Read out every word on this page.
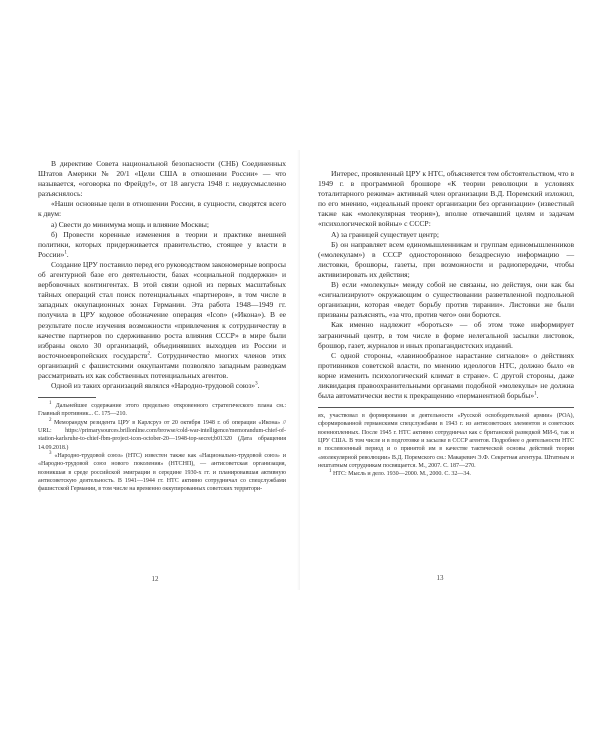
В директиве Совета национальной безопасности (СНБ) Соединенных Штатов Америки № 20/1 «Цели США в отношении России» — что называется, «оговорка по Фрейду!», от 18 августа 1948 г. недвусмысленно разъяснялось:

«Наши основные цели в отношении России, в сущности, сводятся всего к двум:

а) Свести до минимума мощь и влияние Москвы;

б) Провести коренные изменения в теории и практике внешней политики, которых придерживается правительство, стоящее у власти в России»$^1$.

Создание ЦРУ поставило перед его руководством закономерные вопросы об агентурной базе его деятельности, базах «социальной поддержки» и вербовочных контингентах. В этой связи одной из первых масштабных тайных операций стал поиск потенциальных «партнеров», в том числе в западных оккупационных зонах Германии. Эта работа 1948—1949 гг. получила в ЦРУ кодовое обозначение операция «Icon» («Икона»). В ее результате после изучения возможности «привлечения к сотрудничеству в качестве партнеров по сдерживанию роста влияния СССР» в мире были избраны около 30 организаций, объединявших выходцев из России и восточноевропейских государств$^2$. Сотрудничество многих членов этих организаций с фашистскими оккупантами позволяло западным разведкам рассматривать их как собственных потенциальных агентов.

Одной из таких организаций являлся «Народно-трудовой союз»$^3$.

$^1$ Дальнейшее содержание этого предельно откровенного стратегического плана см.: Главный противник... С. 175—210.

$^2$ Меморандум резидента ЦРУ в Карлсруэ от 20 октября 1948 г. об операции «Икона» // URL: https://primarysources.brillonline.com/browse/cold-war-intelligence/memorandum-chief-of-station-karlsruhe-to-chief-fbm-project-icon-october-20—1948-top-secret;b01320 (Дата обращения 14.09.2018.)

$^3$ «Народно-трудовой союз» (НТС) известен также как «Национально-трудовой союз» и «Народно-трудовой союз нового поколения» (НТСНП), — антисоветская организация, возникшая в среде российской эмиграции в середине 1930-х гг. и планировавшая активную антисоветскую деятельность. В 1941—1944 гг. НТС активно сотрудничал со спецслужбами фашистской Германии, в том числе на временно оккупированных советских территори-

12

Интерес, проявленный ЦРУ к НТС, объясняется тем обстоятельством, что в 1949 г. в программной брошюре «К теории революции в условиях тоталитарного режима» активный член организации В.Д. Поремский изложил, по его мнению, «идеальный проект организации без организации» (известный также как «молекулярная теория»), вполне отвечавший целям и задачам «психологической войны» с СССР:

А) за границей существует центр;

Б) он направляет всем единомышленникам и группам единомышленников («молекулам») в СССР одностороннюю безадресную информацию — листовки, брошюры, газеты, при возможности и радиопередачи, чтобы активизировать их действия;

В) если «молекулы» между собой не связаны, но действуя, они как бы «сигнализируют» окружающим о существовании разветвленной подпольной организации, которая «ведет борьбу против тирании». Листовки же были призваны разъяснять, «за что, против чего» они борются.

Как именно надлежит «бороться» — об этом тоже информирует заграничный центр, в том числе в форме нелегальной засылки листовок, брошюр, газет, журналов и иных пропагандистских изданий.

С одной стороны, «лавинообразное нарастание сигналов» о действиях противников советской власти, по мнению идеологов НТС, должно было «в корне изменить психологический климат в стране». С другой стороны, даже ликвидация правоохранительными органами подобной «молекулы» не должна была автоматически вести к прекращению «перманентной борьбы»$^1$.

ях, участвовал в формировании и деятельности «Русской освободительной армии» (РОА), сформированной германскими спецслужбами в 1943 г. из антисоветских элементов и советских военнопленных. После 1945 г. НТС активно сотрудничал как с британской разведкой МИ-6, так и ЦРУ США. В том числе и в подготовке и засылке в СССР агентов. Подробнее о деятельности НТС в послевоенный период и о принятой им в качестве тактической основы действий теории «молекулярной революции» В.Д. Поремского см.: Макаревич Э.Ф. Секретная агентура. Штатным и нештатным сотрудникам посвящается. М., 2007. С. 187—270.

$^1$ НТС: Мысль и дело. 1930—2000. М., 2000. С. 32—34.

13
